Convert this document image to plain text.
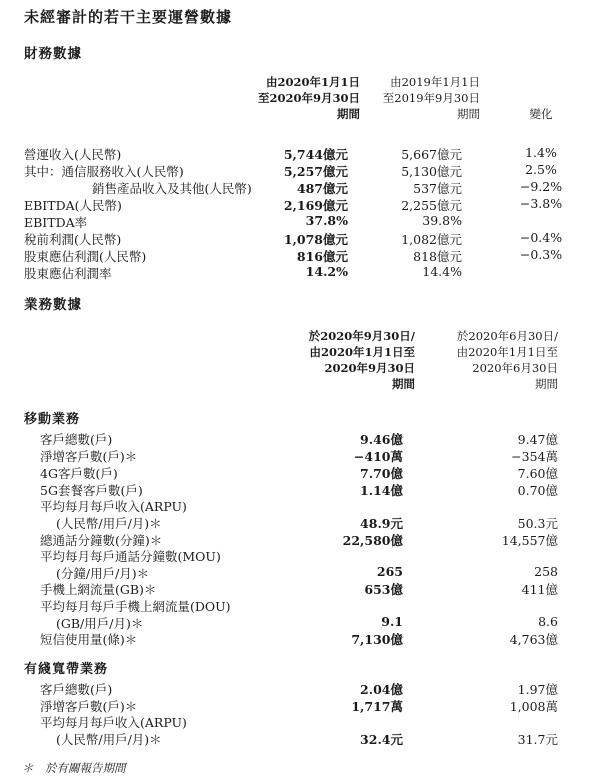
未經審計的若干主要運營數據
財務數據
由2020年1月1日
至2020年9月30日
期間
由2019年1月1日
至2019年9月30日
期間	變化
營運收入(人民幣)	5,744億元	5,667億元	1.4%
其中：通信服務收入(人民幣)	5,257億元	5,130億元	2.5%
銷售產品收入及其他(人民幣)	487億元	537億元	−9.2%
EBITDA(人民幣)	2,169億元	2,255億元	−3.8%
EBITDA率	37.8%	39.8%
稅前利潤(人民幣)	1,078億元	1,082億元	−0.4%
股東應佔利潤(人民幣)	816億元	818億元	−0.3%
股東應佔利潤率	14.2%	14.4%
業務數據
於2020年9月30日/
由2020年1月1日至
2020年9月30日
期間
於2020年6月30日/
由2020年1月1日至
2020年6月30日
期間
移動業務
客戶總數(戶)	9.46億	9.47億
淨增客戶數(戶)＊	−410萬	−354萬
4G客戶數(戶)	7.70億	7.60億
5G套餐客戶數(戶)	1.14億	0.70億
平均每月每戶收入(ARPU)
(人民幣/用戶/月)＊	48.9元	50.3元
總通話分鐘數(分鐘)＊	22,580億	14,557億
平均每月每戶通話分鐘數(MOU)
(分鐘/用戶/月)＊	265	258
手機上網流量(GB)＊	653億	411億
平均每月每戶手機上網流量(DOU)
(GB/用戶/月)＊	9.1	8.6
短信使用量(條)＊	7,130億	4,763億
有綫寬帶業務
客戶總數(戶)	2.04億	1.97億
淨增客戶數(戶)＊	1,717萬	1,008萬
平均每月每戶收入(ARPU)
(人民幣/用戶/月)＊	32.4元	31.7元
＊　於有關報告期間
